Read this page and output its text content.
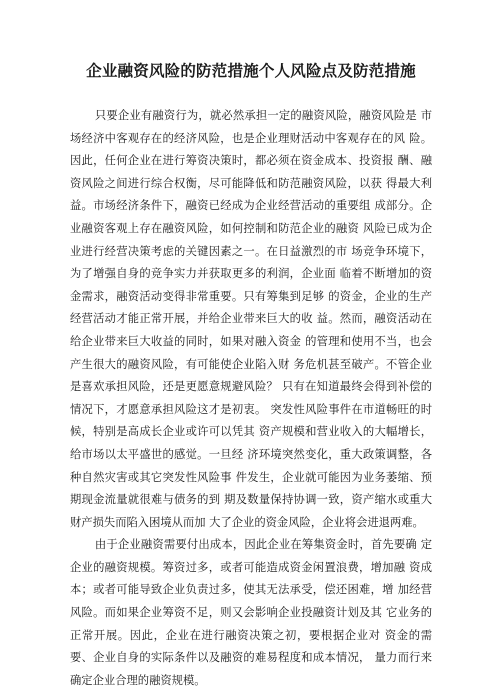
企业融资风险的防范措施个人风险点及防范措施

只要企业有融资行为，就必然承担一定的融资风险，融资风险是 市场经济中客观存在的经济风险，也是企业理财活动中客观存在的风 险。因此，任何企业在进行筹资决策时，都必须在资金成本、投资报 酬、融资风险之间进行综合权衡，尽可能降低和防范融资风险，以获 得最大利益。市场经济条件下，融资已经成为企业经营活动的重要组 成部分。企业融资客观上存在融资风险，如何控制和防范企业的融资 风险已成为企业进行经营决策考虑的关键因素之一。在日益激烈的市 场竞争环境下，为了增强自身的竞争实力并获取更多的利润，企业面 临着不断增加的资金需求，融资活动变得非常重要。只有筹集到足够 的资金，企业的生产经营活动才能正常开展，并给企业带来巨大的收 益。然而，融资活动在给企业带来巨大收益的同时，如果对融入资金 的管理和使用不当，也会产生很大的融资风险，有可能使企业陷入财 务危机甚至破产。不管企业是喜欢承担风险，还是更愿意规避风险？ 只有在知道最终会得到补偿的情况下，才愿意承担风险这才是初衷。 突发性风险事件在市道畅旺的时候，特别是高成长企业或许可以凭其 资产规模和营业收入的大幅增长，给市场以太平盛世的感觉。一旦经 济环境突然变化，重大政策调整，各种自然灾害或其它突发性风险事 件发生，企业就可能因为业务萎缩、预期现金流量就很难与债务的到 期及数量保持协调一致，资产缩水或重大财产损失而陷入困境从而加 大了企业的资金风险，企业将会进退两难。

由于企业融资需要付出成本，因此企业在筹集资金时，首先要确 定企业的融资规模。筹资过多，或者可能造成资金闲置浪费，增加融 资成本；或者可能导致企业负责过多，使其无法承受，偿还困难，增 加经营风险。而如果企业筹资不足，则又会影响企业投融资计划及其 它业务的正常开展。因此，企业在进行融资决策之初，要根据企业对 资金的需要、企业自身的实际条件以及融资的难易程度和成本情况， 量力而行来确定企业合理的融资规模。
